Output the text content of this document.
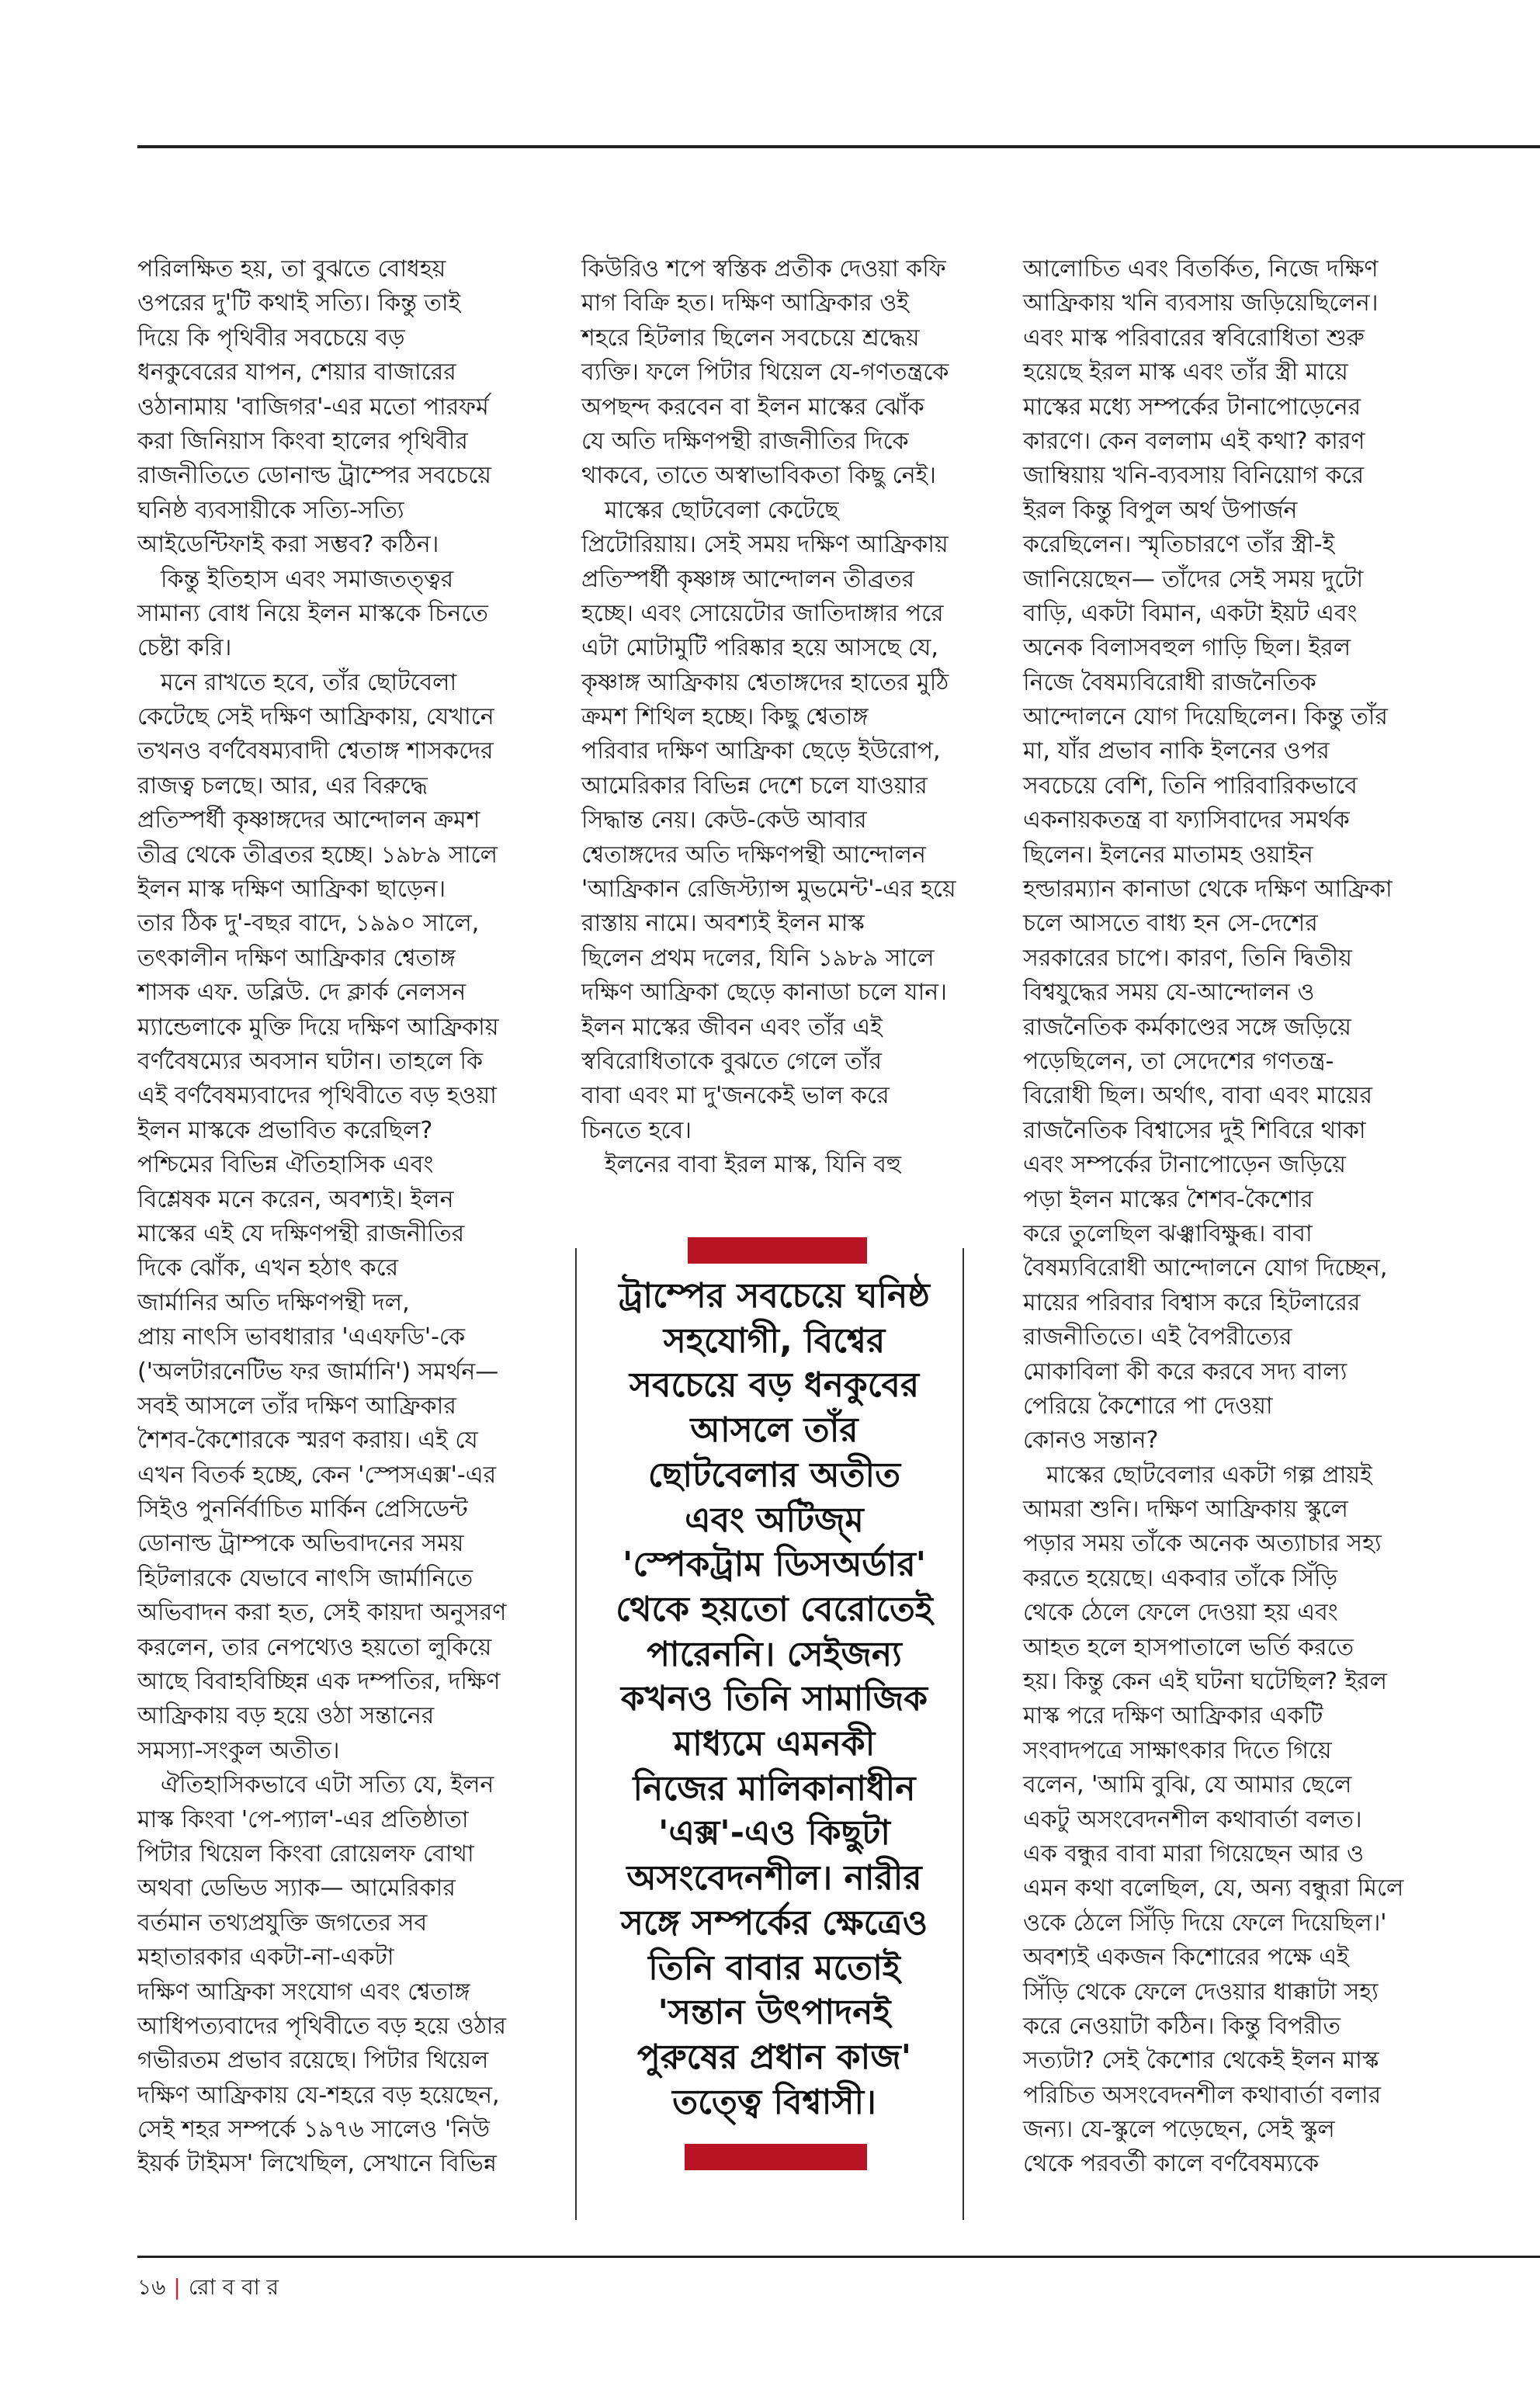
পরিলক্ষিত হয়, তা বুঝতে বোধহয়
ওপরের দু'টি কথাই সত্যি। কিন্তু তাই
দিয়ে কি পৃথিবীর সবচেয়ে বড়
ধনকুবেরের যাপন, শেয়ার বাজারের
ওঠানামায় 'বাজিগর'-এর মতো পারফর্ম
করা জিনিয়াস কিংবা হালের পৃথিবীর
রাজনীতিতে ডোনাল্ড ট্রাম্পের সবচেয়ে
ঘনিষ্ঠ ব্যবসায়ীকে সত্যি-সত্যি
আইডেন্টিফাই করা সম্ভব? কঠিন।
কিন্তু ইতিহাস এবং সমাজতত্ত্বর
সামান্য বোধ নিয়ে ইলন মাস্ককে চিনতে
চেষ্টা করি।
মনে রাখতে হবে, তাঁর ছোটবেলা
কেটেছে সেই দক্ষিণ আফ্রিকায়, যেখানে
তখনও বর্ণবৈষম্যবাদী শ্বেতাঙ্গ শাসকদের
রাজত্ব চলছে। আর, এর বিরুদ্ধে
প্রতিস্পর্ধী কৃষ্ণাঙ্গদের আন্দোলন ক্রমশ
তীব্র থেকে তীব্রতর হচ্ছে। ১৯৮৯ সালে
ইলন মাস্ক দক্ষিণ আফ্রিকা ছাড়েন।
তার ঠিক দু'-বছর বাদে, ১৯৯০ সালে,
তৎকালীন দক্ষিণ আফ্রিকার শ্বেতাঙ্গ
শাসক এফ. ডব্লিউ. দে ক্লার্ক নেলসন
ম্যান্ডেলাকে মুক্তি দিয়ে দক্ষিণ আফ্রিকায়
বর্ণবৈষম্যের অবসান ঘটান। তাহলে কি
এই বর্ণবৈষম্যবাদের পৃথিবীতে বড় হওয়া
ইলন মাস্ককে প্রভাবিত করেছিল?
পশ্চিমের বিভিন্ন ঐতিহাসিক এবং
বিশ্লেষক মনে করেন, অবশ্যই। ইলন
মাস্কের এই যে দক্ষিণপন্থী রাজনীতির
দিকে ঝোঁক, এখন হঠাৎ করে
জার্মানির অতি দক্ষিণপন্থী দল,
প্রায় নাৎসি ভাবধারার 'এএফডি'-কে
('অলটারনেটিভ ফর জার্মানি') সমর্থন—
সবই আসলে তাঁর দক্ষিণ আফ্রিকার
শৈশব-কৈশোরকে স্মরণ করায়। এই যে
এখন বিতর্ক হচ্ছে, কেন 'স্পেসএক্স'-এর
সিইও পুনর্নির্বাচিত মার্কিন প্রেসিডেন্ট
ডোনাল্ড ট্রাম্পকে অভিবাদনের সময়
হিটলারকে যেভাবে নাৎসি জার্মানিতে
অভিবাদন করা হত, সেই কায়দা অনুসরণ
করলেন, তার নেপথ্যেও হয়তো লুকিয়ে
আছে বিবাহবিচ্ছিন্ন এক দম্পতির, দক্ষিণ
আফ্রিকায় বড় হয়ে ওঠা সন্তানের
সমস্যা-সংকুল অতীত।
ঐতিহাসিকভাবে এটা সত্যি যে, ইলন
মাস্ক কিংবা 'পে-প্যাল'-এর প্রতিষ্ঠাতা
পিটার থিয়েল কিংবা রোয়েলফ বোথা
অথবা ডেভিড স্যাক— আমেরিকার
বর্তমান তথ্যপ্রযুক্তি জগতের সব
মহাতারকার একটা-না-একটা
দক্ষিণ আফ্রিকা সংযোগ এবং শ্বেতাঙ্গ
আধিপত্যবাদের পৃথিবীতে বড় হয়ে ওঠার
গভীরতম প্রভাব রয়েছে। পিটার থিয়েল
দক্ষিণ আফ্রিকায় যে-শহরে বড় হয়েছেন,
সেই শহর সম্পর্কে ১৯৭৬ সালেও 'নিউ
ইয়র্ক টাইমস' লিখেছিল, সেখানে বিভিন্ন
কিউরিও শপে স্বস্তিক প্রতীক দেওয়া কফি
মাগ বিক্রি হত। দক্ষিণ আফ্রিকার ওই
শহরে হিটলার ছিলেন সবচেয়ে শ্রদ্ধেয়
ব্যক্তি। ফলে পিটার থিয়েল যে-গণতন্ত্রকে
অপছন্দ করবেন বা ইলন মাস্কের ঝোঁক
যে অতি দক্ষিণপন্থী রাজনীতির দিকে
থাকবে, তাতে অস্বাভাবিকতা কিছু নেই।
মাস্কের ছোটবেলা কেটেছে
প্রিটোরিয়ায়। সেই সময় দক্ষিণ আফ্রিকায়
প্রতিস্পর্ধী কৃষ্ণাঙ্গ আন্দোলন তীব্রতর
হচ্ছে। এবং সোয়েটোর জাতিদাঙ্গার পরে
এটা মোটামুটি পরিষ্কার হয়ে আসছে যে,
কৃষ্ণাঙ্গ আফ্রিকায় শ্বেতাঙ্গদের হাতের মুঠি
ক্রমশ শিথিল হচ্ছে। কিছু শ্বেতাঙ্গ
পরিবার দক্ষিণ আফ্রিকা ছেড়ে ইউরোপ,
আমেরিকার বিভিন্ন দেশে চলে যাওয়ার
সিদ্ধান্ত নেয়। কেউ-কেউ আবার
শ্বেতাঙ্গদের অতি দক্ষিণপন্থী আন্দোলন
'আফ্রিকান রেজিস্ট্যান্স মুভমেন্ট'-এর হয়ে
রাস্তায় নামে। অবশ্যই ইলন মাস্ক
ছিলেন প্রথম দলের, যিনি ১৯৮৯ সালে
দক্ষিণ আফ্রিকা ছেড়ে কানাডা চলে যান।
ইলন মাস্কের জীবন এবং তাঁর এই
স্ববিরোধিতাকে বুঝতে গেলে তাঁর
বাবা এবং মা দু'জনকেই ভাল করে
চিনতে হবে।
ইলনের বাবা ইরল মাস্ক, যিনি বহু
আলোচিত এবং বিতর্কিত, নিজে দক্ষিণ
আফ্রিকায় খনি ব্যবসায় জড়িয়েছিলেন।
এবং মাস্ক পরিবারের স্ববিরোধিতা শুরু
হয়েছে ইরল মাস্ক এবং তাঁর স্ত্রী মায়ে
মাস্কের মধ্যে সম্পর্কের টানাপোড়েনের
কারণে। কেন বললাম এই কথা? কারণ
জাম্বিয়ায় খনি-ব্যবসায় বিনিয়োগ করে
ইরল কিন্তু বিপুল অর্থ উপার্জন
করেছিলেন। স্মৃতিচারণে তাঁর স্ত্রী-ই
জানিয়েছেন— তাঁদের সেই সময় দুটো
বাড়ি, একটা বিমান, একটা ইয়ট এবং
অনেক বিলাসবহুল গাড়ি ছিল। ইরল
নিজে বৈষম্যবিরোধী রাজনৈতিক
আন্দোলনে যোগ দিয়েছিলেন। কিন্তু তাঁর
মা, যাঁর প্রভাব নাকি ইলনের ওপর
সবচেয়ে বেশি, তিনি পারিবারিকভাবে
একনায়কতন্ত্র বা ফ্যাসিবাদের সমর্থক
ছিলেন। ইলনের মাতামহ ওয়াইন
হল্ডারম্যান কানাডা থেকে দক্ষিণ আফ্রিকা
চলে আসতে বাধ্য হন সে-দেশের
সরকারের চাপে। কারণ, তিনি দ্বিতীয়
বিশ্বযুদ্ধের সময় যে-আন্দোলন ও
রাজনৈতিক কর্মকাণ্ডের সঙ্গে জড়িয়ে
পড়েছিলেন, তা সেদেশের গণতন্ত্র-
বিরোধী ছিল। অর্থাৎ, বাবা এবং মায়ের
রাজনৈতিক বিশ্বাসের দুই শিবিরে থাকা
এবং সম্পর্কের টানাপোড়েন জড়িয়ে
পড়া ইলন মাস্কের শৈশব-কৈশোর
করে তুলেছিল ঝঞ্ঝাবিক্ষুব্ধ। বাবা
বৈষম্যবিরোধী আন্দোলনে যোগ দিচ্ছেন,
মায়ের পরিবার বিশ্বাস করে হিটলারের
রাজনীতিতে। এই বৈপরীত্যের
মোকাবিলা কী করে করবে সদ্য বাল্য
পেরিয়ে কৈশোরে পা দেওয়া
কোনও সন্তান?
মাস্কের ছোটবেলার একটা গল্প প্রায়ই
আমরা শুনি। দক্ষিণ আফ্রিকায় স্কুলে
পড়ার সময় তাঁকে অনেক অত্যাচার সহ্য
করতে হয়েছে। একবার তাঁকে সিঁড়ি
থেকে ঠেলে ফেলে দেওয়া হয় এবং
আহত হলে হাসপাতালে ভর্তি করতে
হয়। কিন্তু কেন এই ঘটনা ঘটেছিল? ইরল
মাস্ক পরে দক্ষিণ আফ্রিকার একটি
সংবাদপত্রে সাক্ষাৎকার দিতে গিয়ে
বলেন, 'আমি বুঝি, যে আমার ছেলে
একটু অসংবেদনশীল কথাবার্তা বলত।
এক বন্ধুর বাবা মারা গিয়েছেন আর ও
এমন কথা বলেছিল, যে, অন্য বন্ধুরা মিলে
ওকে ঠেলে সিঁড়ি দিয়ে ফেলে দিয়েছিল।'
অবশ্যই একজন কিশোরের পক্ষে এই
সিঁড়ি থেকে ফেলে দেওয়ার ধাক্কাটা সহ্য
করে নেওয়াটা কঠিন। কিন্তু বিপরীত
সত্যটা? সেই কৈশোর থেকেই ইলন মাস্ক
পরিচিত অসংবেদনশীল কথাবার্তা বলার
জন্য। যে-স্কুলে পড়েছেন, সেই স্কুল
থেকে পরবর্তী কালে বর্ণবৈষম্যকে
ট্রাম্পের সবচেয়ে ঘনিষ্ঠ
সহযোগী, বিশ্বের
সবচেয়ে বড় ধনকুবের
আসলে তাঁর
ছোটবেলার অতীত
এবং অটিজ্‌ম
'স্পেকট্রাম ডিসঅর্ডার'
থেকে হয়তো বেরোতেই
পারেননি। সেইজন্য
কখনও তিনি সামাজিক
মাধ্যমে এমনকী
নিজের মালিকানাধীন
'এক্স'-এও কিছুটা
অসংবেদনশীল। নারীর
সঙ্গে সম্পর্কের ক্ষেত্রেও
তিনি বাবার মতোই
'সন্তান উৎপাদনই
পুরুষের প্রধান কাজ'
তত্ত্বে বিশ্বাসী।
১৬ | রো ব বা র
